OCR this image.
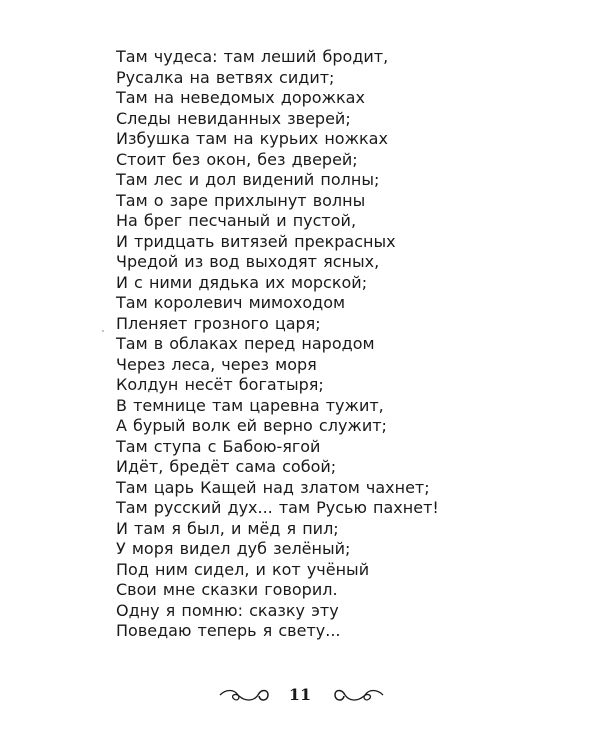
Там чудеса: там леший бродит,
Русалка на ветвях сидит;
Там на неведомых дорожках
Следы невиданных зверей;
Избушка там на курьих ножках
Стоит без окон, без дверей;
Там лес и дол видений полны;
Там о заре прихлынут волны
На брег песчаный и пустой,
И тридцать витязей прекрасных
Чредой из вод выходят ясных,
И с ними дядька их морской;
Там королевич мимоходом
Пленяет грозного царя;
Там в облаках перед народом
Через леса, через моря
Колдун несёт богатыря;
В темнице там царевна тужит,
А бурый волк ей верно служит;
Там ступа с Бабою-ягой
Идёт, бредёт сама собой;
Там царь Кащей над златом чахнет;
Там русский дух... там Русью пахнет!
И там я был, и мёд я пил;
У моря видел дуб зелёный;
Под ним сидел, и кот учёный
Свои мне сказки говорил.
Одну я помню: сказку эту
Поведаю теперь я свету...
11
